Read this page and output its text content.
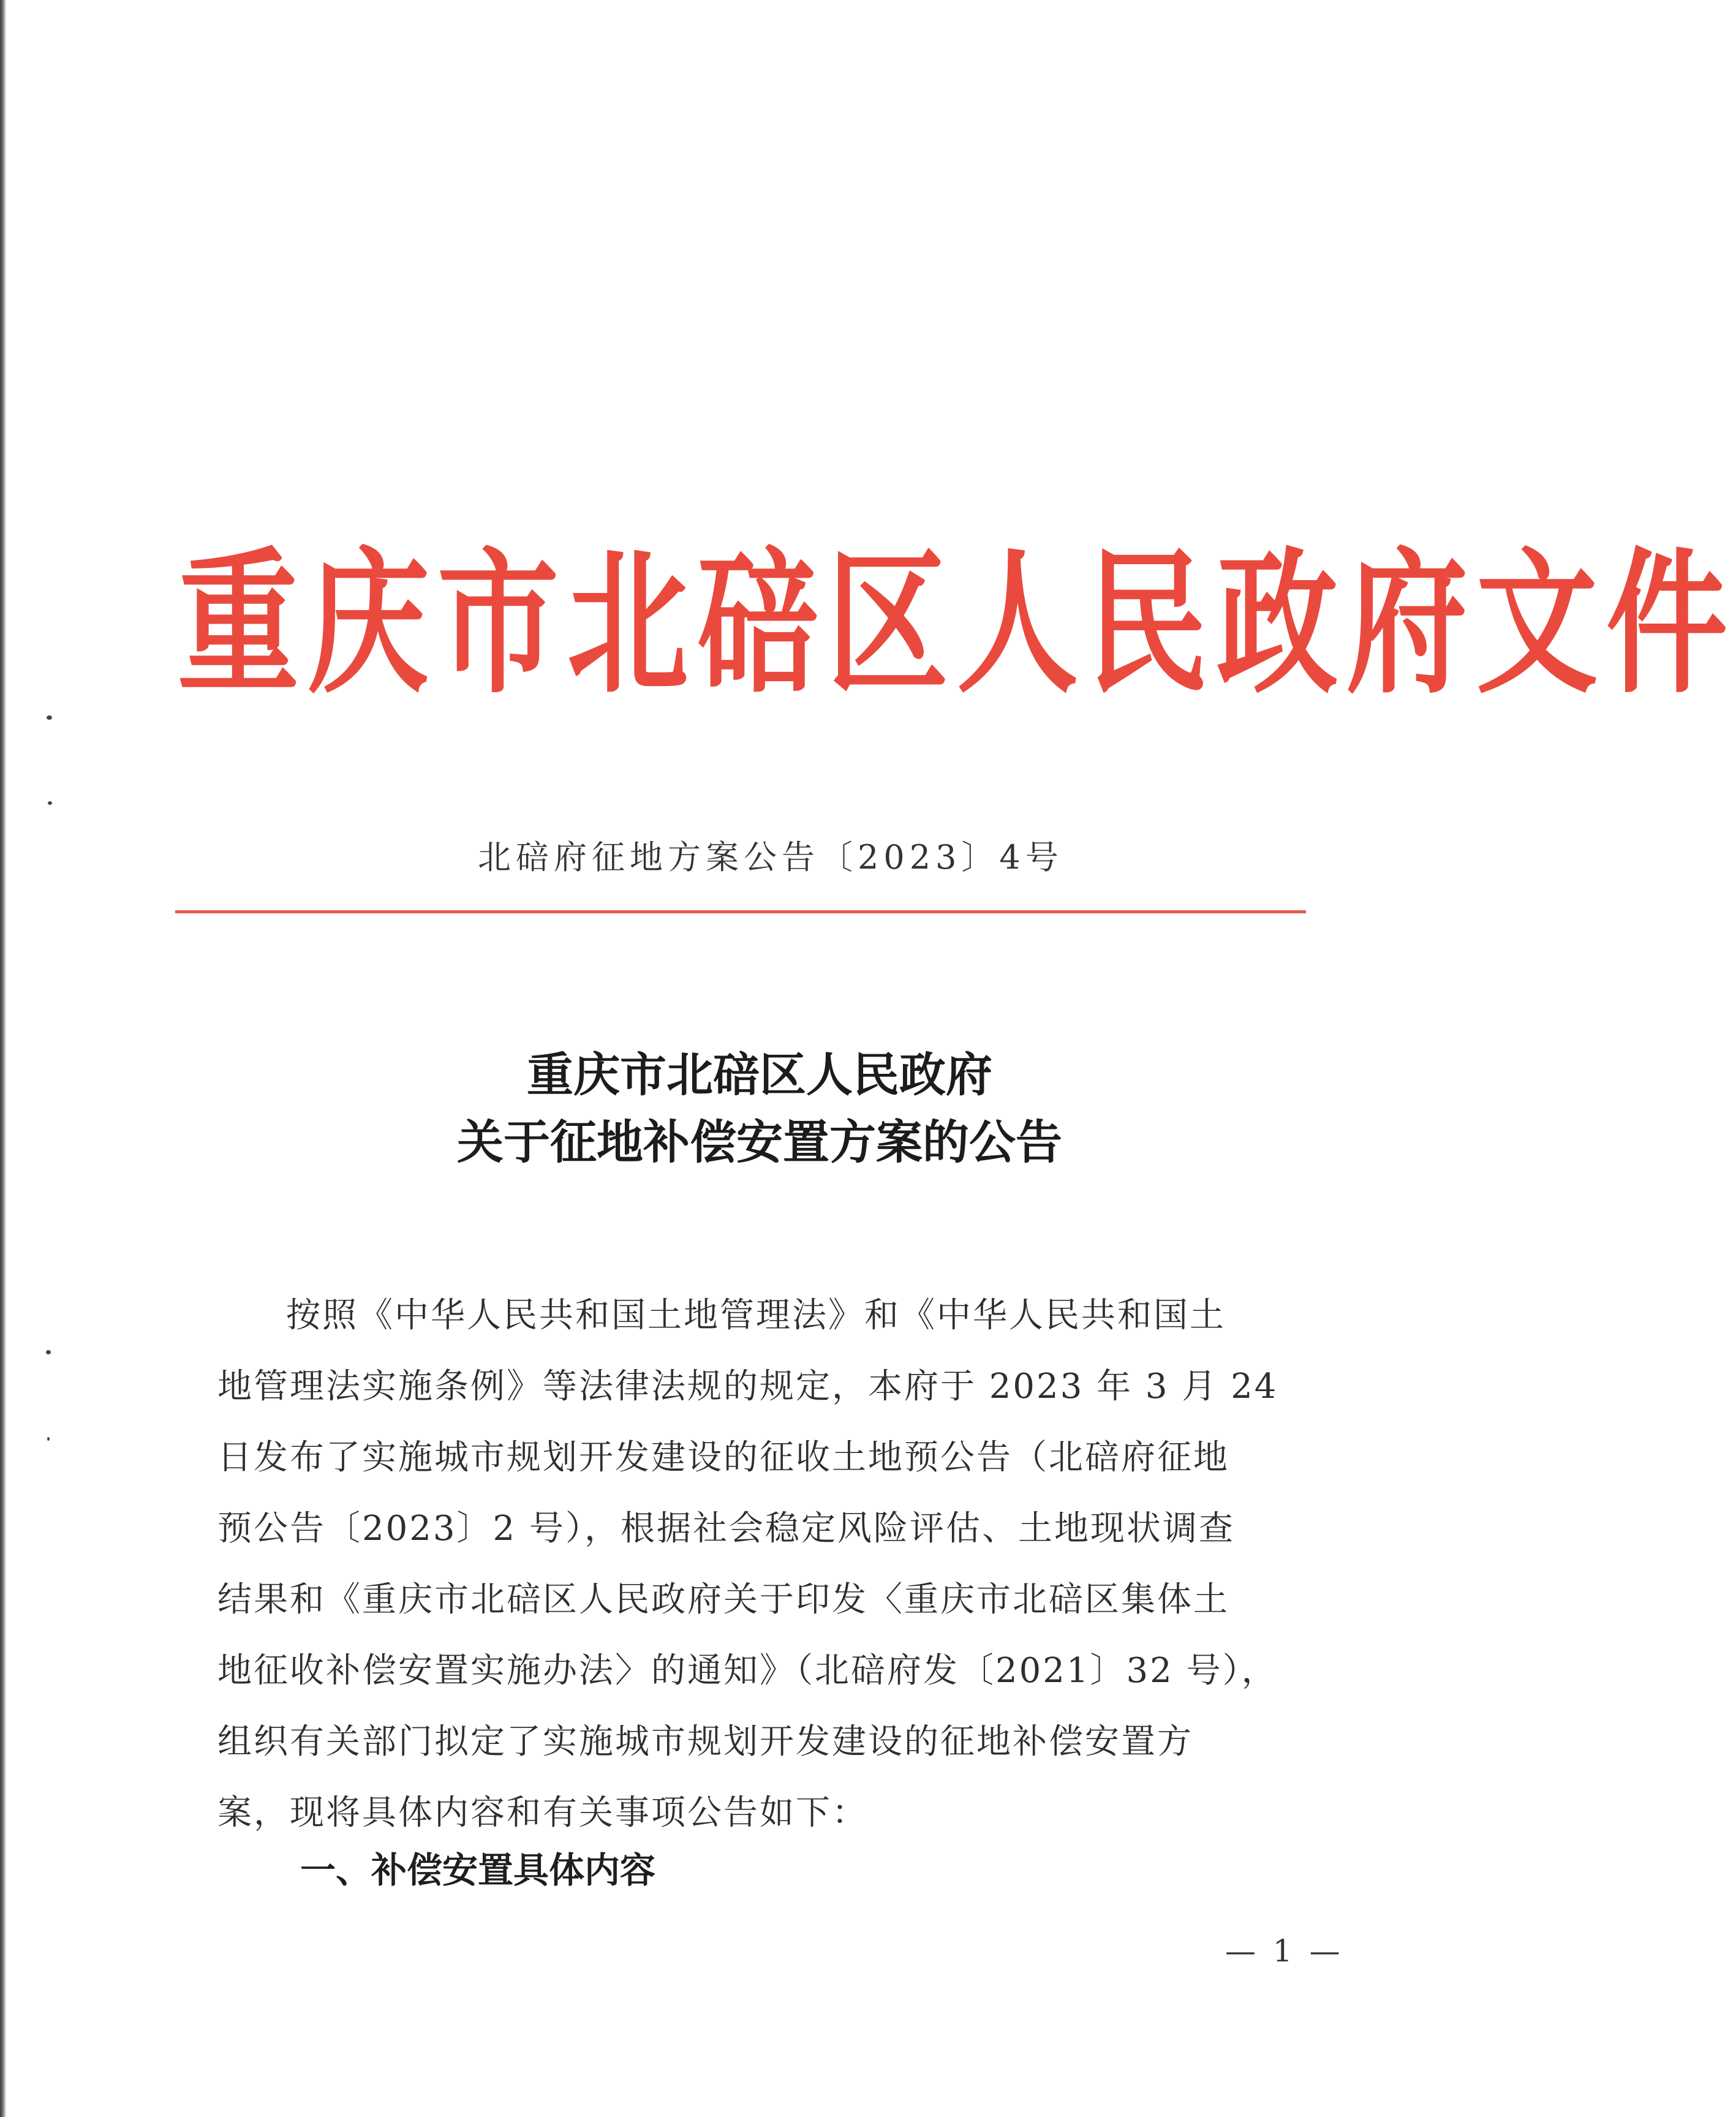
重庆市北碚区人民政府文件
北碚府征地方案公告〔2023〕4号
重庆市北碚区人民政府
关于征地补偿安置方案的公告
按照《中华人民共和国土地管理法》和《中华人民共和国土
地管理法实施条例》等法律法规的规定，本府于 2023 年 3 月 24
日发布了实施城市规划开发建设的征收土地预公告（北碚府征地
预公告〔2023〕2 号），根据社会稳定风险评估、土地现状调查
结果和《重庆市北碚区人民政府关于印发〈重庆市北碚区集体土
地征收补偿安置实施办法〉的通知》（北碚府发〔2021〕32 号），
组织有关部门拟定了实施城市规划开发建设的征地补偿安置方
案，现将具体内容和有关事项公告如下：
一、补偿安置具体内容
— 1 —
